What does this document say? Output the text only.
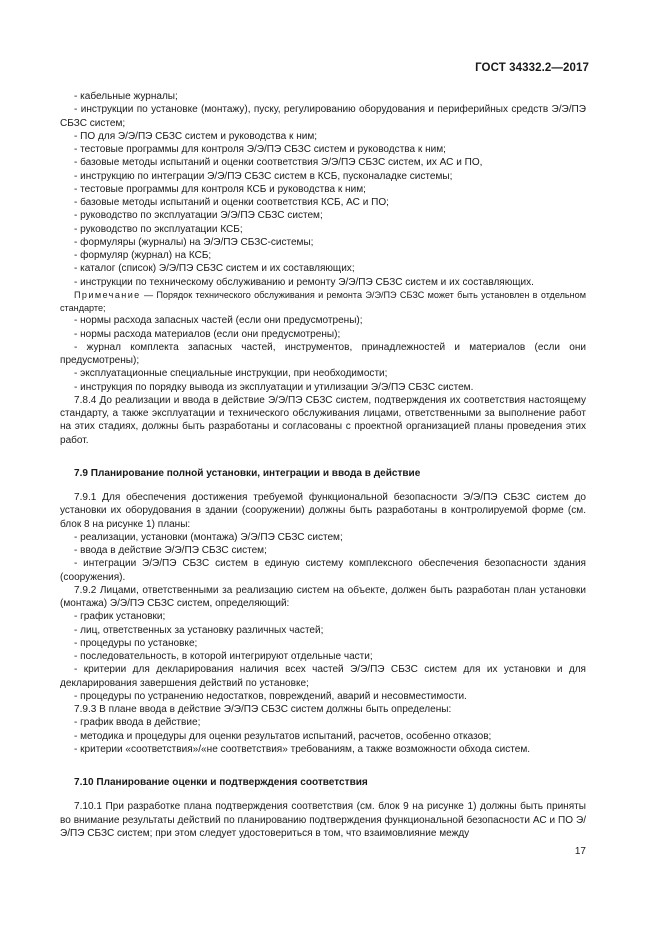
ГОСТ 34332.2—2017

- кабельные журналы;

- инструкции по установке (монтажу), пуску, регулированию оборудования и периферийных средств Э/Э/ПЭ СБЗС систем;

- ПО для Э/Э/ПЭ СБЗС систем и руководства к ним;

- тестовые программы для контроля Э/Э/ПЭ СБЗС систем и руководства к ним;

- базовые методы испытаний и оценки соответствия Э/Э/ПЭ СБЗС систем, их АС и ПО,

- инструкцию по интеграции Э/Э/ПЭ СБЗС систем в КСБ, пусконаладке системы;

- тестовые программы для контроля КСБ и руководства к ним;

- базовые методы испытаний и оценки соответствия КСБ, АС и ПО;

- руководство по эксплуатации Э/Э/ПЭ СБЗС систем;

- руководство по эксплуатации КСБ;

- формуляры (журналы) на Э/Э/ПЭ СБЗС-системы;

- формуляр (журнал) на КСБ;

- каталог (список) Э/Э/ПЭ СБЗС систем и их составляющих;

- инструкции по техническому обслуживанию и ремонту Э/Э/ПЭ СБЗС систем и их составляющих.

Примечание — Порядок технического обслуживания и ремонта Э/Э/ПЭ СБЗС может быть установлен в отдельном стандарте;

- нормы расхода запасных частей (если они предусмотрены);

- нормы расхода материалов (если они предусмотрены);

- журнал комплекта запасных частей, инструментов, принадлежностей и материалов (если они предусмотрены);

- эксплуатационные специальные инструкции, при необходимости;

- инструкция по порядку вывода из эксплуатации и утилизации Э/Э/ПЭ СБЗС систем.

7.8.4 До реализации и ввода в действие Э/Э/ПЭ СБЗС систем, подтверждения их соответствия настоящему стандарту, а также эксплуатации и технического обслуживания лицами, ответственными за выполнение работ на этих стадиях, должны быть разработаны и согласованы с проектной организацией планы проведения этих работ.

7.9 Планирование полной установки, интеграции и ввода в действие

7.9.1 Для обеспечения достижения требуемой функциональной безопасности Э/Э/ПЭ СБЗС систем до установки их оборудования в здании (сооружении) должны быть разработаны в контролируемой форме (см. блок 8 на рисунке 1) планы:

- реализации, установки (монтажа) Э/Э/ПЭ СБЗС систем;

- ввода в действие Э/Э/ПЭ СБЗС систем;

- интеграции Э/Э/ПЭ СБЗС систем в единую систему комплексного обеспечения безопасности здания (сооружения).

7.9.2 Лицами, ответственными за реализацию систем на объекте, должен быть разработан план установки (монтажа) Э/Э/ПЭ СБЗС систем, определяющий:

- график установки;

- лиц, ответственных за установку различных частей;

- процедуры по установке;

- последовательность, в которой интегрируют отдельные части;

- критерии для декларирования наличия всех частей Э/Э/ПЭ СБЗС систем для их установки и для декларирования завершения действий по установке;

- процедуры по устранению недостатков, повреждений, аварий и несовместимости.

7.9.3 В плане ввода в действие Э/Э/ПЭ СБЗС систем должны быть определены:

- график ввода в действие;

- методика и процедуры для оценки результатов испытаний, расчетов, особенно отказов;

- критерии «соответствия»/«не соответствия» требованиям, а также возможности обхода систем.

7.10 Планирование оценки и подтверждения соответствия

7.10.1 При разработке плана подтверждения соответствия (см. блок 9 на рисунке 1) должны быть приняты во внимание результаты действий по планированию подтверждения функциональной безопасности АС и ПО Э/Э/ПЭ СБЗС систем; при этом следует удостовериться в том, что взаимовлияние между

17
